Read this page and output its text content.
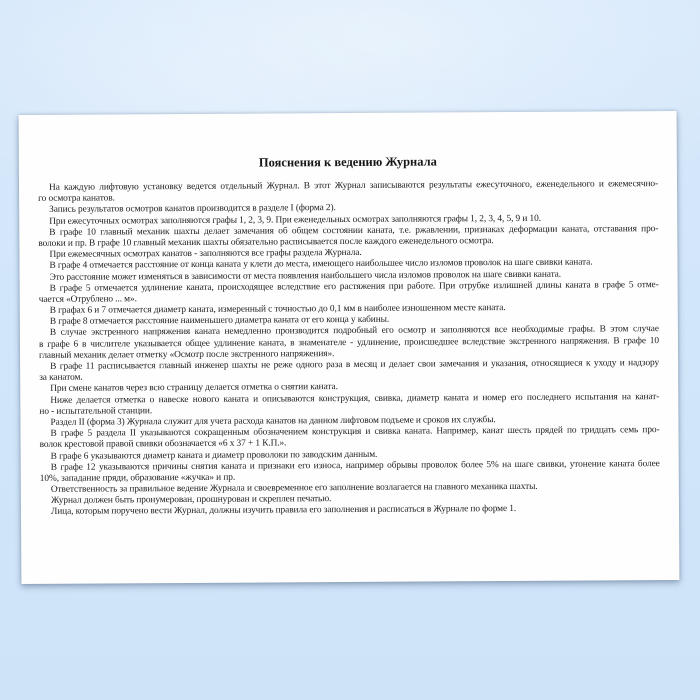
Пояснения к ведению Журнала
На каждую лифтовую установку ведется отдельный Журнал. В этот Журнал записываются результаты ежесуточного, еженедельного и ежемесячно-
го осмотра канатов.
Запись результатов осмотров канатов производится в разделе I (форма 2).
При ежесуточных осмотрах заполняются графы 1, 2, 3, 9. При еженедельных осмотрах заполняются графы 1, 2, 3, 4, 5, 9 и 10.
В графе 10 главный механик шахты делает замечания об общем состоянии каната, т.е. ржавлении, признаках деформации каната, отставания про-
волоки и пр. В графе 10 главный механик шахты обязательно расписывается после каждого еженедельного осмотра.
При ежемесячных осмотрах канатов - заполняются все графы раздела Журнала.
В графе 4 отмечается расстояние от конца каната у клети до места, имеющего наибольшее число изломов проволок на шаге свивки каната.
Это расстояние может изменяться в зависимости от места появления наибольшего числа изломов проволок на шаге свивки каната.
В графе 5 отмечается удлинение каната, происходящее вследствие его растяжения при работе. При отрубке излишней длины каната в графе 5 отме-
чается «Отрублено ... м».
В графах 6 и 7 отмечается диаметр каната, измеренный с точностью до 0,1 мм в наиболее изношенном месте каната.
В графе 8 отмечается расстояние наименьшего диаметра каната от его конца у кабины.
В случае экстренного напряжения каната немедленно производится подробный его осмотр и заполняются все необходимые графы. В этом случае
в графе 6 в числителе указывается общее удлинение каната, в знаменателе - удлинение, происшедшее вследствие экстренного напряжения. В графе 10
главный механик делает отметку «Осмотр после экстренного напряжения».
В графе 11 расписывается главный инженер шахты не реже одного раза в месяц и делает свои замечания и указания, относящиеся к уходу и надзору
за канатом.
При смене канатов через всю страницу делается отметка о снятии каната.
Ниже делается отметка о навеске нового каната и описываются конструкция, свивка, диаметр каната и номер его последнего испытания на канат-
но - испытательной станции.
Раздел II (форма 3) Журнала служит для учета расхода канатов на данном лифтовом подъеме и сроков их службы.
В графе 5 раздела II указываются сокращенным обозначением конструкция и свивка каната. Например, канат шесть прядей по тридцать семь про-
волок крестовой правой свивки обозначается «6 х 37 + 1 К.П.».
В графе 6 указываются диаметр каната и диаметр проволоки по заводским данным.
В графе 12 указываются причины снятия каната и признаки его износа, например обрывы проволок более 5% на шаге свивки, утонение каната более
10%, западание пряди, образование «жучка» и пр.
Ответственность за правильное ведение Журнала и своевременное его заполнение возлагается на главного механика шахты.
Журнал должен быть пронумерован, прошнурован и скреплен печатью.
Лица, которым поручено вести Журнал, должны изучить правила его заполнения и расписаться в Журнале по форме 1.
